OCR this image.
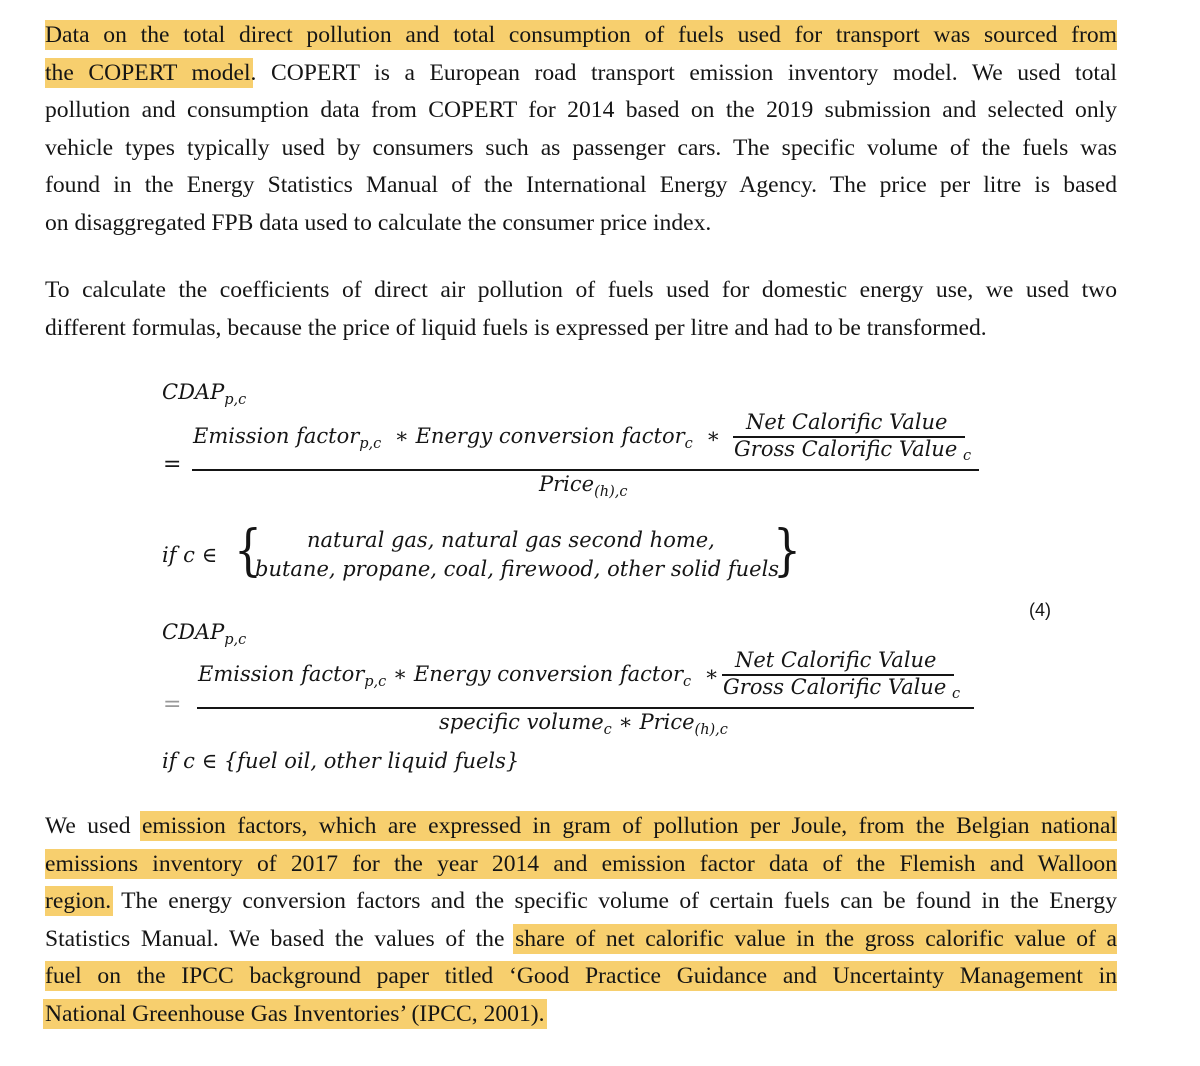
Data on the total direct pollution and total consumption of fuels used for transport was sourced from
the COPERT model. COPERT is a European road transport emission inventory model. We used total
pollution and consumption data from COPERT for 2014 based on the 2019 submission and selected only
vehicle types typically used by consumers such as passenger cars. The specific volume of the fuels was
found in the Energy Statistics Manual of the International Energy Agency. The price per litre is based
on disaggregated FPB data used to calculate the consumer price index.
To calculate the coefficients of direct air pollution of fuels used for domestic energy use, we used two
different formulas, because the price of liquid fuels is expressed per litre and had to be transformed.
$CDAP_{p,c}$
=
Emission factor$_{p,c}$ ∗ Energy conversion factor$_c$ ∗
Net Calorific Value
Gross Calorific Value c
Price$_{(h),c}$
if c ∈ { natural gas, natural gas second home,
butane, propane, coal, firewood, other solid fuels
}
(4)
$CDAP_{p,c}$
=
Emission factor$_{p,c}$ ∗ Energy conversion factor$_c$ ∗
Net Calorific Value
Gross Calorific Value c
specific volume$_c$ ∗ Price$_{(h),c}$
if c ∈ {fuel oil, other liquid fuels}
We used emission factors, which are expressed in gram of pollution per Joule, from the Belgian national
emissions inventory of 2017 for the year 2014 and emission factor data of the Flemish and Walloon
region. The energy conversion factors and the specific volume of certain fuels can be found in the Energy
Statistics Manual. We based the values of the share of net calorific value in the gross calorific value of a
fuel on the IPCC background paper titled ‘Good Practice Guidance and Uncertainty Management in
National Greenhouse Gas Inventories’ (IPCC, 2001).
